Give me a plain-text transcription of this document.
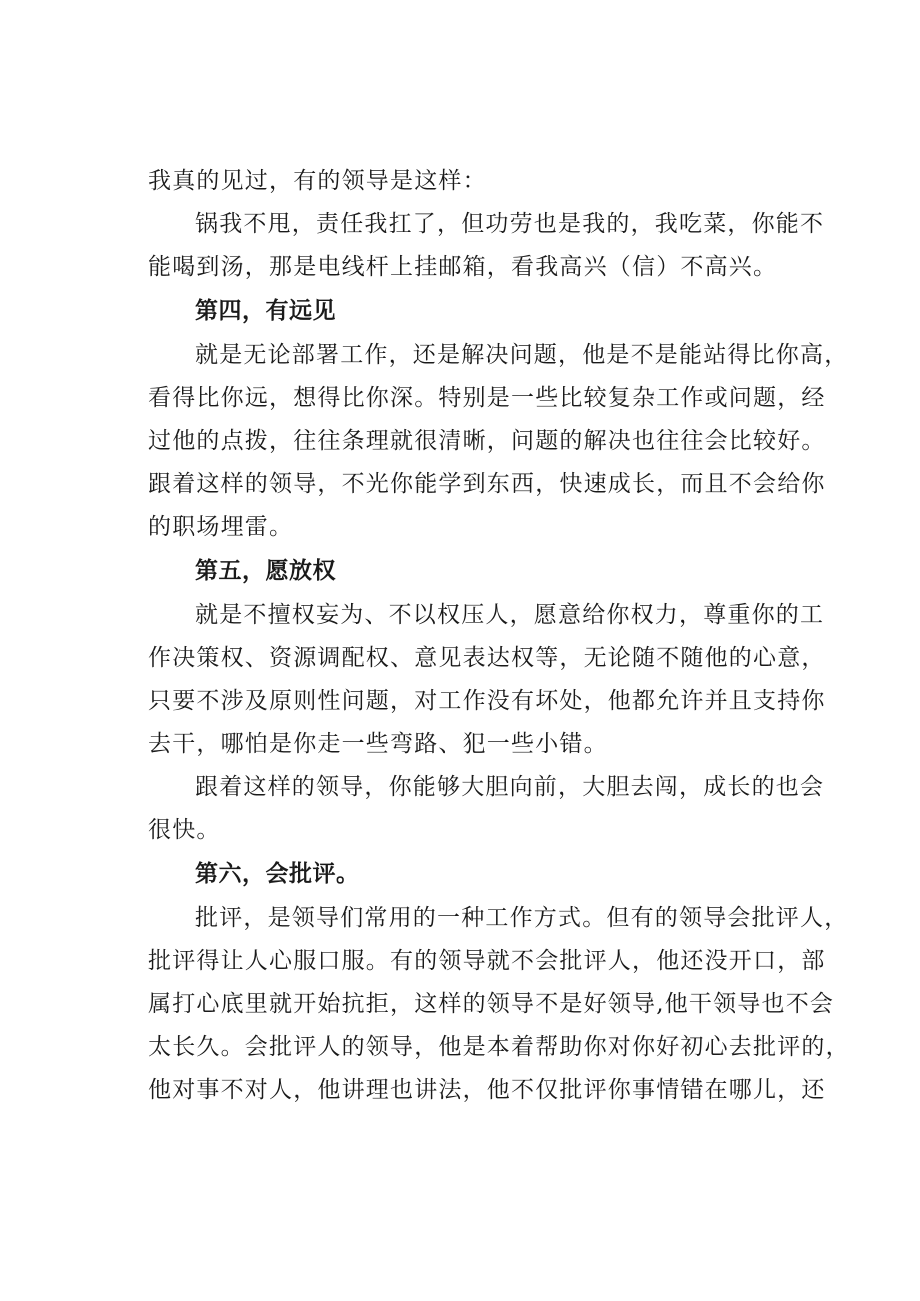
我真的见过，有的领导是这样：
锅我不甩，责任我扛了，但功劳也是我的，我吃菜，你能不
能喝到汤，那是电线杆上挂邮箱，看我高兴（信）不高兴。
第四，有远见
就是无论部署工作，还是解决问题，他是不是能站得比你高，
看得比你远，想得比你深。特别是一些比较复杂工作或问题，经
过他的点拨，往往条理就很清晰，问题的解决也往往会比较好。
跟着这样的领导，不光你能学到东西，快速成长，而且不会给你
的职场埋雷。
第五，愿放权
就是不擅权妄为、不以权压人，愿意给你权力，尊重你的工
作决策权、资源调配权、意见表达权等，无论随不随他的心意，
只要不涉及原则性问题，对工作没有坏处，他都允许并且支持你
去干，哪怕是你走一些弯路、犯一些小错。
跟着这样的领导，你能够大胆向前，大胆去闯，成长的也会
很快。
第六，会批评。
批评，是领导们常用的一种工作方式。但有的领导会批评人，
批评得让人心服口服。有的领导就不会批评人，他还没开口，部
属打心底里就开始抗拒，这样的领导不是好领导,他干领导也不会
太长久。会批评人的领导，他是本着帮助你对你好初心去批评的，
他对事不对人，他讲理也讲法，他不仅批评你事情错在哪儿，还
